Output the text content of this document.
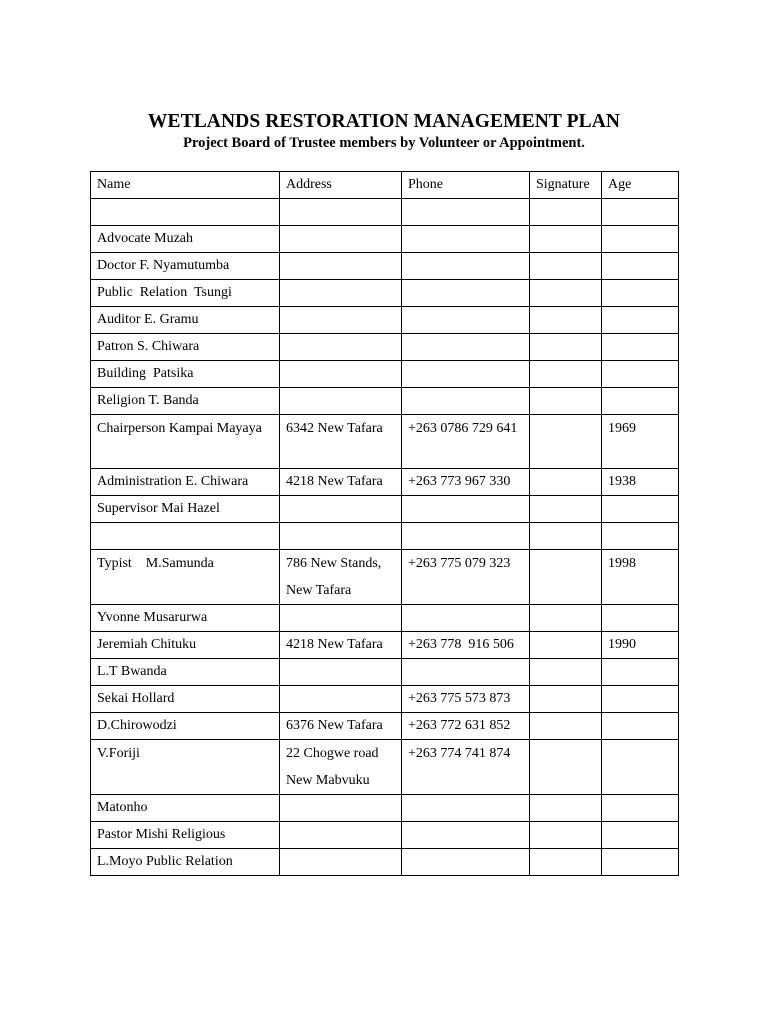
WETLANDS RESTORATION MANAGEMENT PLAN
Project Board of Trustee members by Volunteer or Appointment.
Name	Address	Phone	Signature	Age

Advocate Muzah				
Doctor F. Nyamutumba				
Public  Relation  Tsungi				
Auditor E. Gramu				
Patron S. Chiwara				
Building  Patsika				
Religion T. Banda				
Chairperson Kampai Mayaya	6342 New Tafara	+263 0786 729 641		1969
Administration E. Chiwara	4218 New Tafara	+263 773 967 330		1938
Supervisor Mai Hazel				

Typist    M.Samunda	786 New Stands, New Tafara	+263 775 079 323		1998
Yvonne Musarurwa				
Jeremiah Chituku	4218 New Tafara	+263 778  916 506		1990
L.T Bwanda				
Sekai Hollard		+263 775 573 873		
D.Chirowodzi	6376 New Tafara	+263 772 631 852		
V.Foriji	22 Chogwe road New Mabvuku	+263 774 741 874		
Matonho				
Pastor Mishi Religious				
L.Moyo Public Relation				
